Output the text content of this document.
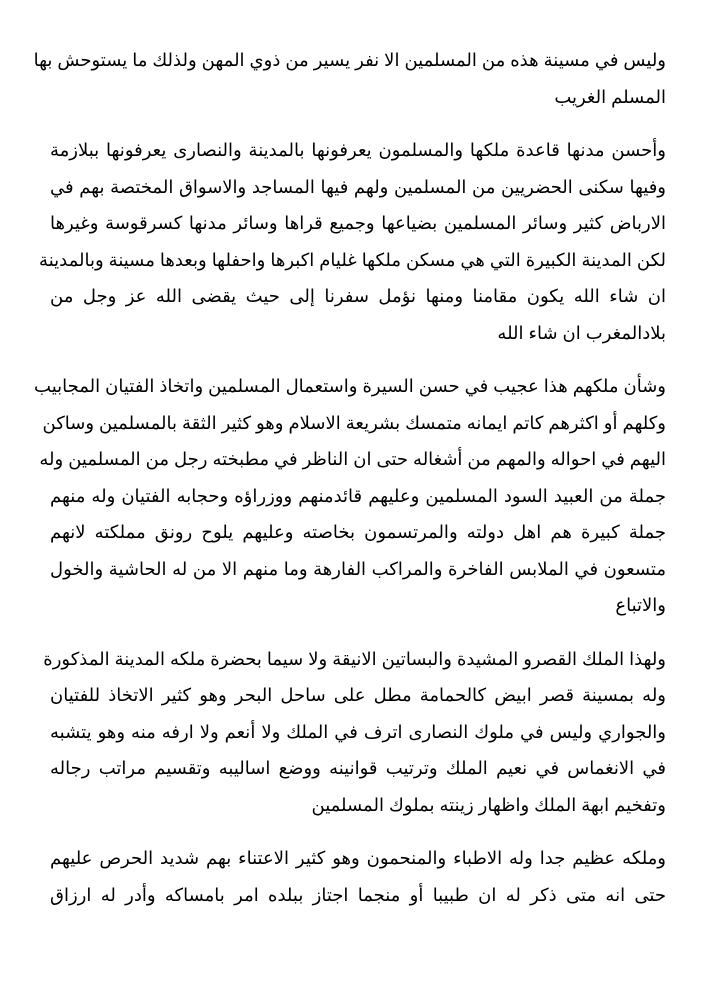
وليس في مسينة هذه من المسلمين الا نفر يسير من ذوي المهن ولذلك ما يستوحش بها
المسلم الغريب
وأحسن مدنها قاعدة ملكها والمسلمون يعرفونها بالمدينة والنصارى يعرفونها ببلازمة
وفيها سكنى الحضريين من المسلمين ولهم فيها المساجد والاسواق المختصة بهم في
الارباض كثير وسائر المسلمين بضياعها وجميع قراها وسائر مدنها كسرقوسة وغيرها
لكن المدينة الكبيرة التي هي مسكن ملكها غليام اكبرها واحفلها وبعدها مسينة وبالمدينة
ان شاء الله يكون مقامنا ومنها نؤمل سفرنا إلى حيث يقضى الله عز وجل من
بلادالمغرب ان شاء الله
وشأن ملكهم هذا عجيب في حسن السيرة واستعمال المسلمين واتخاذ الفتيان المجابيب
وكلهم أو اكثرهم كاتم ايمانه متمسك بشريعة الاسلام وهو كثير الثقة بالمسلمين وساكن
اليهم في احواله والمهم من أشغاله حتى ان الناظر في مطبخته رجل من المسلمين وله
جملة من العبيد السود المسلمين وعليهم قائدمنهم ووزراؤه وحجابه الفتيان وله منهم
جملة كبيرة هم اهل دولته والمرتسمون بخاصته وعليهم يلوح رونق مملكته لانهم
متسعون في الملابس الفاخرة والمراكب الفارهة وما منهم الا من له الحاشية والخول
والاتباع
ولهذا الملك القصرو المشيدة والبساتين الانيقة ولا سيما بحضرة ملكه المدينة المذكورة
وله بمسينة قصر ابيض كالحمامة مطل على ساحل البحر وهو كثير الاتخاذ للفتيان
والجواري وليس في ملوك النصارى اترف في الملك ولا أنعم ولا ارفه منه وهو يتشبه
في الانغماس في نعيم الملك وترتيب قوانينه ووضع اساليبه وتقسيم مراتب رجاله
وتفخيم ابهة الملك واظهار زينته بملوك المسلمين
وملكه عظيم جدا وله الاطباء والمنحمون وهو كثير الاعتناء بهم شديد الحرص عليهم
حتى انه متى ذكر له ان طبيبا أو منجما اجتاز ببلده امر بامساكه وأدر له ارزاق
